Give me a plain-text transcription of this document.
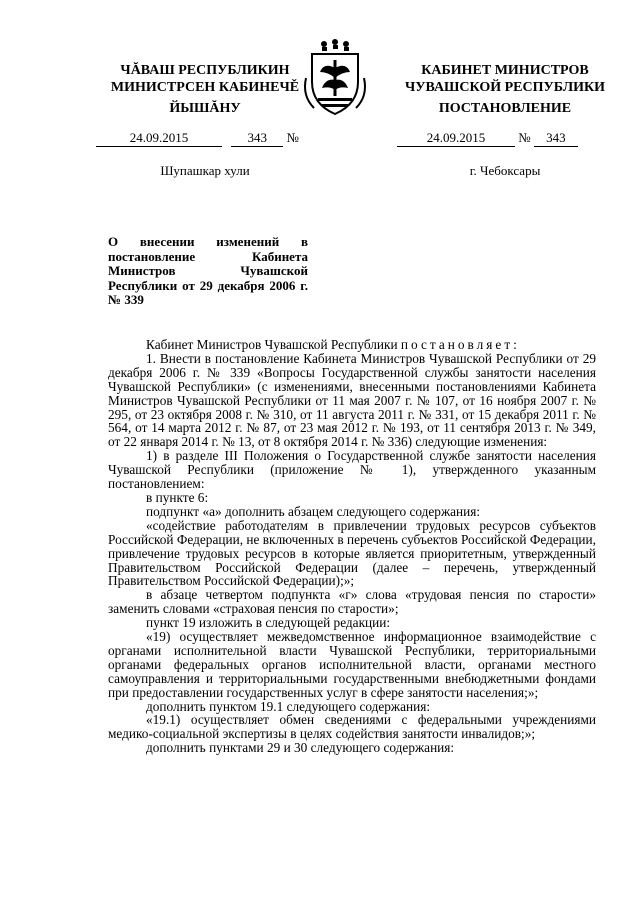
ЧĂВАШ РЕСПУБЛИКИН
МИНИСТРСЕН КАБИНЕЧĚ
ЙЫШĂНУ
24.09.2015	343 №
Шупашкар хули
КАБИНЕТ МИНИСТРОВ
ЧУВАШСКОЙ РЕСПУБЛИКИ
ПОСТАНОВЛЕНИЕ
24.09.2015	№ 343
г. Чебоксары
О внесении изменений в постановление Кабинета Министров Чувашской Республики от 29 декабря 2006 г. № 339

Кабинет Министров Чувашской Республики постановляет:

1. Внести в постановление Кабинета Министров Чувашской Республики от 29 декабря 2006 г. № 339 «Вопросы Государственной службы занятости населения Чувашской Республики» (с изменениями, внесенными постановлениями Кабинета Министров Чувашской Республики от 11 мая 2007 г. № 107, от 16 ноября 2007 г. № 295, от 23 октября 2008 г. № 310, от 11 августа 2011 г. № 331, от 15 декабря 2011 г. № 564, от 14 марта 2012 г. № 87, от 23 мая 2012 г. № 193, от 11 сентября 2013 г. № 349, от 22 января 2014 г. № 13, от 8 октября 2014 г. № 336) следующие изменения:

1) в разделе III Положения о Государственной службе занятости населения Чувашской Республики (приложение № 1), утвержденного указанным постановлением:

в пункте 6:

подпункт «а» дополнить абзацем следующего содержания:

«содействие работодателям в привлечении трудовых ресурсов субъектов Российской Федерации, не включенных в перечень субъектов Российской Федерации, привлечение трудовых ресурсов в которые является приоритетным, утвержденный Правительством Российской Федерации (далее – перечень, утвержденный Правительством Российской Федерации);»;

в абзаце четвертом подпункта «г» слова «трудовая пенсия по старости» заменить словами «страховая пенсия по старости»;

пункт 19 изложить в следующей редакции:

«19) осуществляет межведомственное информационное взаимодействие с органами исполнительной власти Чувашской Республики, территориальными органами федеральных органов исполнительной власти, органами местного самоуправления и территориальными государственными внебюджетными фондами при предоставлении государственных услуг в сфере занятости населения;»;

дополнить пунктом 19.1 следующего содержания:

«19.1) осуществляет обмен сведениями с федеральными учреждениями медико-социальной экспертизы в целях содействия занятости инвалидов;»;

дополнить пунктами 29 и 30 следующего содержания:
